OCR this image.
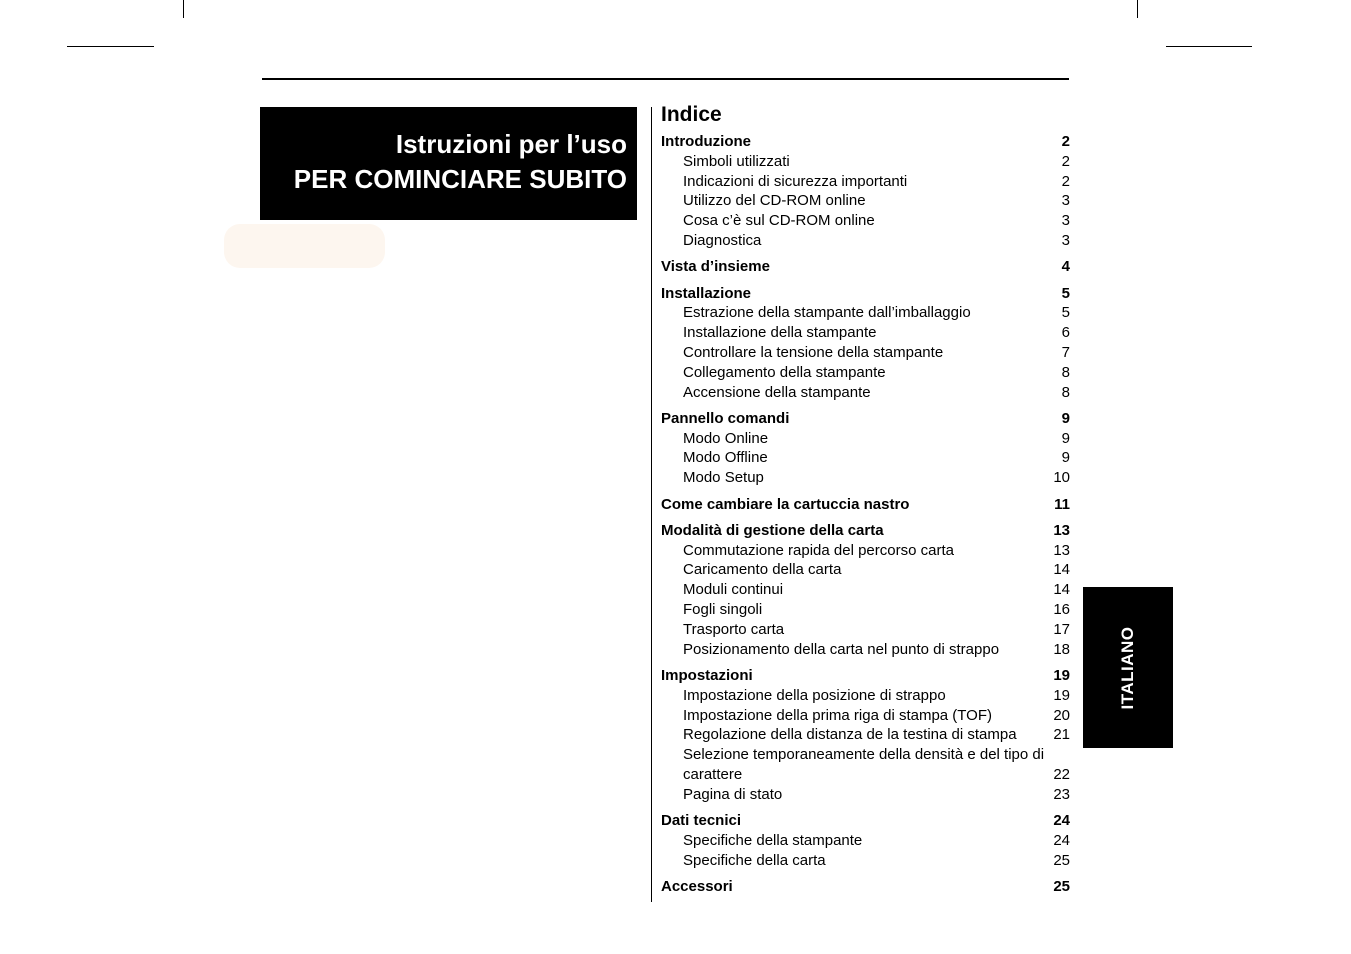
Istruzioni per l’uso
PER COMINCIARE SUBITO
Indice
Introduzione	2
Simboli utilizzati	2
Indicazioni di sicurezza importanti	2
Utilizzo del CD-ROM online	3
Cosa c’è sul CD-ROM online	3
Diagnostica	3
Vista d’insieme	4
Installazione	5
Estrazione della stampante dall’imballaggio	5
Installazione della stampante	6
Controllare la tensione della stampante	7
Collegamento della stampante	8
Accensione della stampante	8
Pannello comandi	9
Modo Online	9
Modo Offline	9
Modo Setup	10
Come cambiare la cartuccia nastro	11
Modalità di gestione della carta	13
Commutazione rapida del percorso carta	13
Caricamento della carta	14
Moduli continui	14
Fogli singoli	16
Trasporto carta	17
Posizionamento della carta nel punto di strappo	18
Impostazioni	19
Impostazione della posizione di strappo	19
Impostazione della prima riga di stampa (TOF)	20
Regolazione della distanza de la testina di stampa 21
Selezione temporaneamente della densità e del tipo di
carattere	22
Pagina di stato	23
Dati tecnici	24
Specifiche della stampante	24
Specifiche della carta	25
Accessori	25
ITALIANO
